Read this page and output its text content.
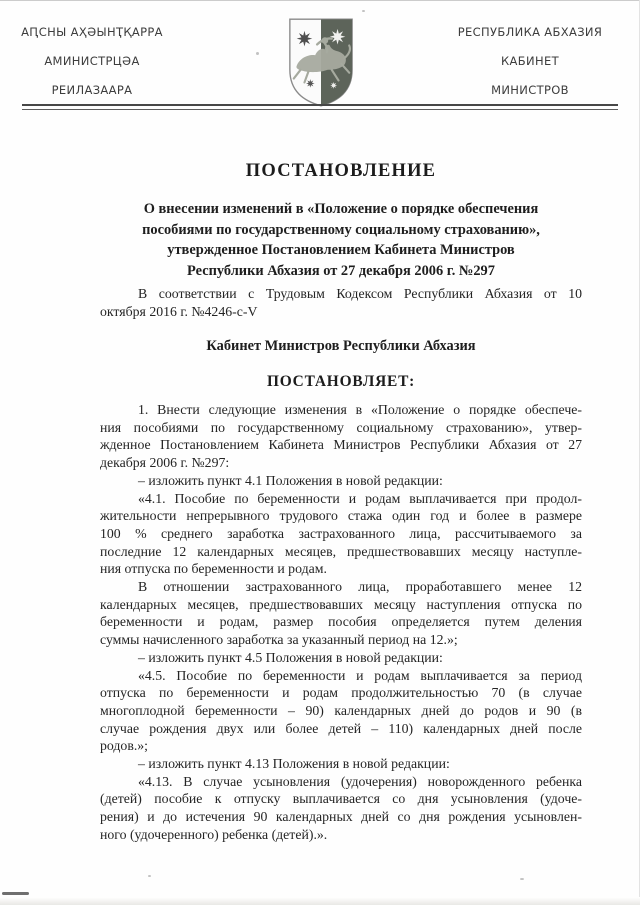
АԤСНЫ АҲӘЫНҬҚАРРА
АМИНИСТРЦӘА
РЕИЛАЗААРА
РЕСПУБЛИКА АБХАЗИЯ
КАБИНЕТ
МИНИСТРОВ
ПОСТАНОВЛЕНИЕ
О внесении изменений в «Положение о порядке обеспечения
пособиями по государственному социальному страхованию»,
утвержденное Постановлением Кабинета Министров
Республики Абхазия от 27 декабря 2006 г. №297
В соответствии с Трудовым Кодексом Республики Абхазия от 10
октября 2016 г. №4246-с-V
Кабинет Министров Республики Абхазия
ПОСТАНОВЛЯЕТ:
1. Внести следующие изменения в «Положение о порядке обеспече-
ния пособиями по государственному социальному страхованию», утвер-
жденное Постановлением Кабинета Министров Республики Абхазия от 27
декабря 2006 г. №297:
– изложить пункт 4.1 Положения в новой редакции:
«4.1. Пособие по беременности и родам выплачивается при продол-
жительности непрерывного трудового стажа один год и более в размере
100 % среднего заработка застрахованного лица, рассчитываемого за
последние 12 календарных месяцев, предшествовавших месяцу наступле-
ния отпуска по беременности и родам.
В отношении застрахованного лица, проработавшего менее 12
календарных месяцев, предшествовавших месяцу наступления отпуска по
беременности и родам, размер пособия определяется путем деления
суммы начисленного заработка за указанный период на 12.»;
– изложить пункт 4.5 Положения в новой редакции:
«4.5. Пособие по беременности и родам выплачивается за период
отпуска по беременности и родам продолжительностью 70 (в случае
многоплодной беременности – 90) календарных дней до родов и 90 (в
случае рождения двух или более детей – 110) календарных дней после
родов.»;
– изложить пункт 4.13 Положения в новой редакции:
«4.13. В случае усыновления (удочерения) новорожденного ребенка
(детей) пособие к отпуску выплачивается со дня усыновления (удоче-
рения) и до истечения 90 календарных дней со дня рождения усыновлен-
ного (удочеренного) ребенка (детей).».
